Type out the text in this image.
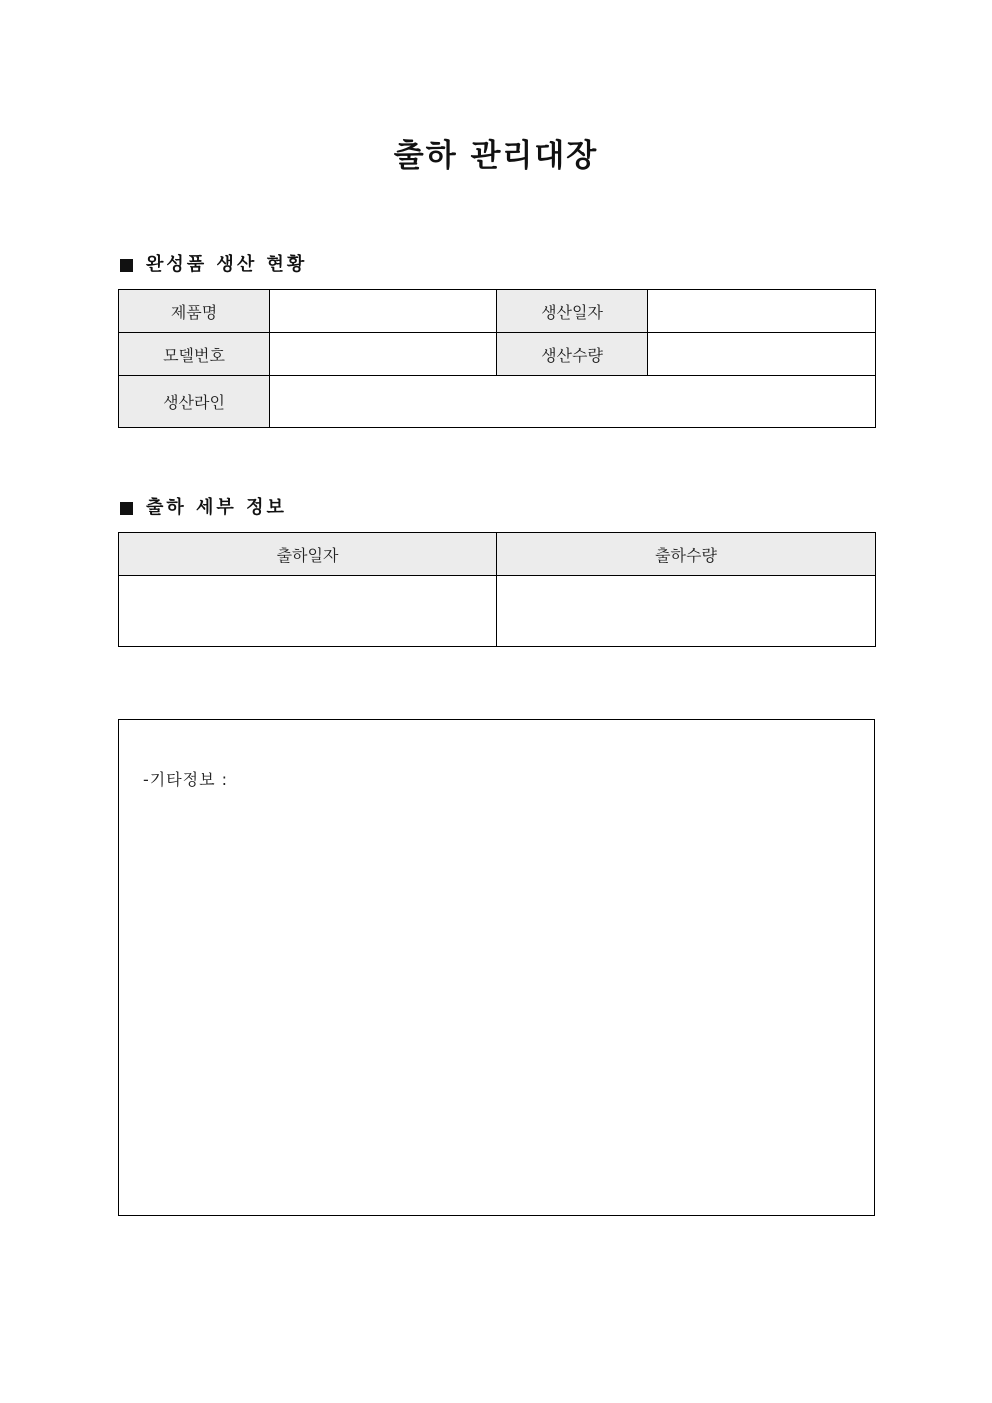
출하 관리대장
완성품 생산 현황
제품명		생산일자	
모델번호		생산수량	
생산라인			
출하 세부 정보
출하일자	출하수량

-기타정보 :
